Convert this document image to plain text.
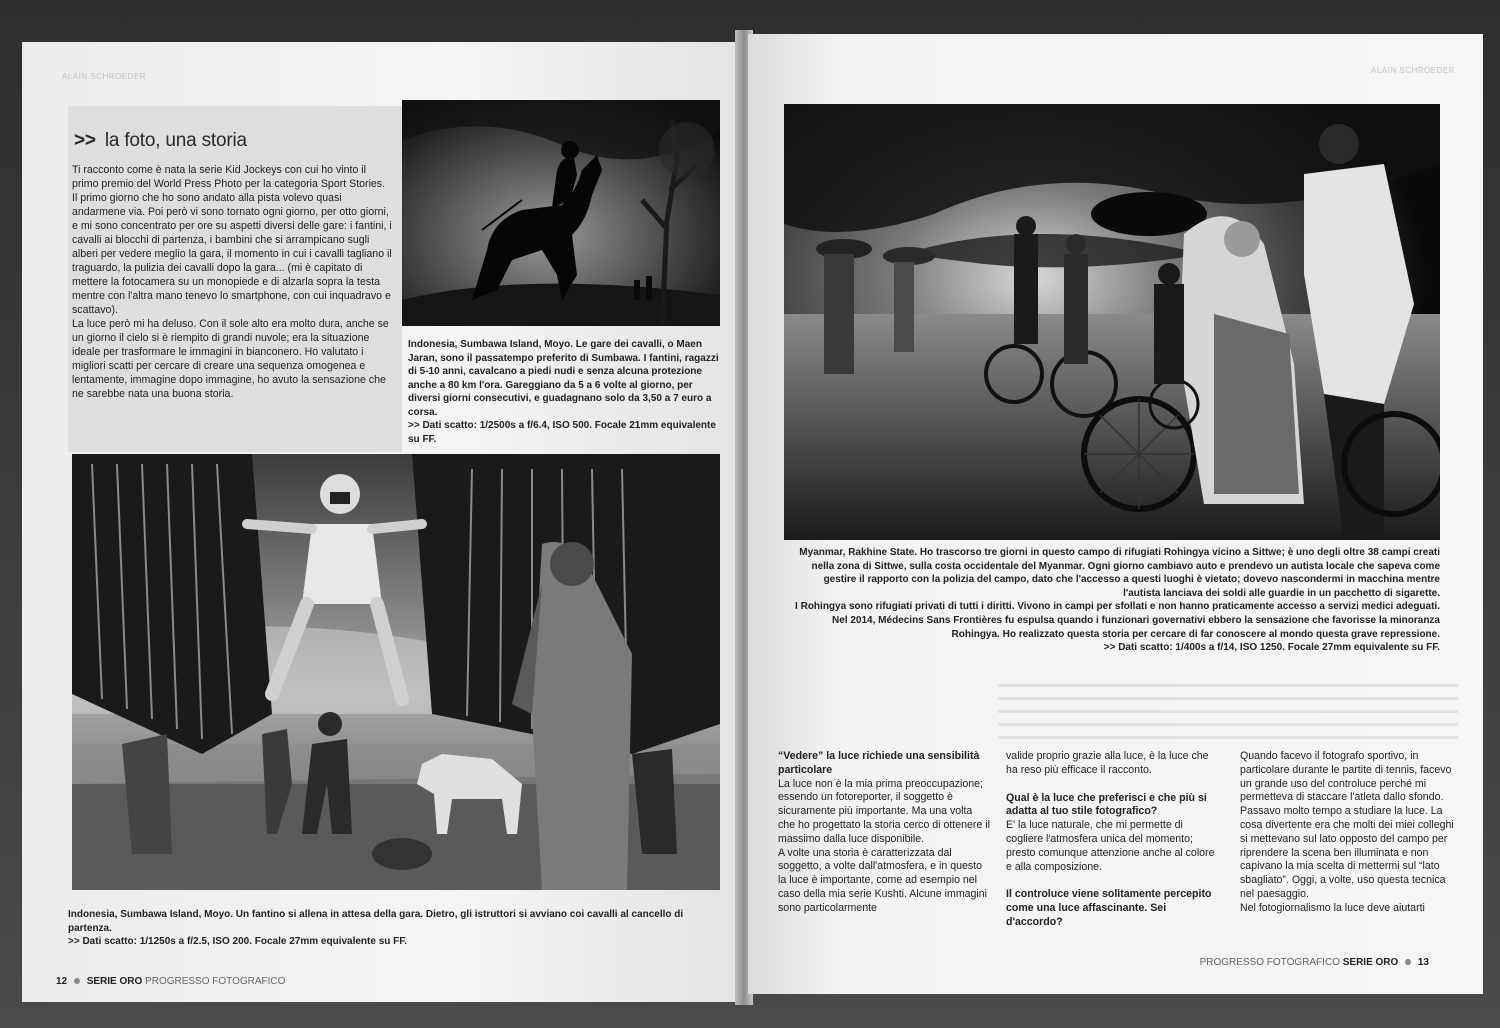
ALAIN SCHROEDER
>> la foto, una storia

Ti racconto come è nata la serie Kid Jockeys con cui ho vinto il primo premio del World Press Photo per la categoria Sport Stories.

Il primo giorno che ho sono andato alla pista volevo quasi andarmene via. Poi però vi sono tornato ogni giorno, per otto giorni, e mi sono concentrato per ore su aspetti diversi delle gare: i fantini, i cavalli ai blocchi di partenza, i bambini che si arrampicano sugli alberi per vedere meglio la gara, il momento in cui i cavalli tagliano il traguardo, la pulizia dei cavalli dopo la gara... (mi è capitato di mettere la fotocamera su un monopiede e di alzarla sopra la testa mentre con l'altra mano tenevo lo smartphone, con cui inquadravo e scattavo).

La luce però mi ha deluso. Con il sole alto era molto dura, anche se un giorno il cielo si è riempito di grandi nuvole; era la situazione ideale per trasformare le immagini in bianconero. Ho valutato i migliori scatti per cercare di creare una sequenza omogenea e lentamente, immagine dopo immagine, ho avuto la sensazione che ne sarebbe nata una buona storia.

Indonesia, Sumbawa Island, Moyo. Le gare dei cavalli, o Maen Jaran, sono il passatempo preferito di Sumbawa. I fantini, ragazzi di 5-10 anni, cavalcano a piedi nudi e senza alcuna protezione anche a 80 km l'ora. Gareggiano da 5 a 6 volte al giorno, per diversi giorni consecutivi, e guadagnano solo da 3,50 a 7 euro a corsa.

>> Dati scatto: 1/2500s a f/6.4, ISO 500. Focale 21mm equivalente su FF.

Indonesia, Sumbawa Island, Moyo. Un fantino si allena in attesa della gara. Dietro, gli istruttori si avviano coi cavalli al cancello di partenza.

>> Dati scatto: 1/1250s a f/2.5, ISO 200. Focale 27mm equivalente su FF.

12 SERIE ORO PROGRESSO FOTOGRAFICO
ALAIN SCHROEDER

Myanmar, Rakhine State. Ho trascorso tre giorni in questo campo di rifugiati Rohingya vicino a Sittwe; è uno degli oltre 38 campi creati nella zona di Sittwe, sulla costa occidentale del Myanmar. Ogni giorno cambiavo auto e prendevo un autista locale che sapeva come gestire il rapporto con la polizia del campo, dato che l'accesso a questi luoghi è vietato; dovevo nascondermi in macchina mentre l'autista lanciava dei soldi alle guardie in un pacchetto di sigarette.

I Rohingya sono rifugiati privati di tutti i diritti. Vivono in campi per sfollati e non hanno praticamente accesso a servizi medici adeguati. Nel 2014, Médecins Sans Frontières fu espulsa quando i funzionari governativi ebbero la sensazione che favorisse la minoranza Rohingya. Ho realizzato questa storia per cercare di far conoscere al mondo questa grave repressione.

>> Dati scatto: 1/400s a f/14, ISO 1250. Focale 27mm equivalente su FF.

“Vedere” la luce richiede una sensibilità particolare

La luce non è la mia prima preoccupazione; essendo un fotoreporter, il soggetto è sicuramente più importante. Ma una volta che ho progettato la storia cerco di ottenere il massimo dalla luce disponibile.

A volte una storia è caratterizzata dal soggetto, a volte dall'atmosfera, e in questo la luce è importante, come ad esempio nel caso della mia serie Kushti. Alcune immagini sono particolarmente

valide proprio grazie alla luce, è la luce che ha reso più efficace il racconto.

Qual è la luce che preferisci e che più si adatta al tuo stile fotografico?

E' la luce naturale, che mi permette di cogliere l'atmosfera unica del momento; presto comunque attenzione anche al colore e alla composizione.

Il controluce viene solitamente percepito come una luce affascinante. Sei d'accordo?

Quando facevo il fotografo sportivo, in particolare durante le partite di tennis, facevo un grande uso del controluce perché mi permetteva di staccare l'atleta dallo sfondo. Passavo molto tempo a studiare la luce. La cosa divertente era che molti dei miei colleghi si mettevano sul lato opposto del campo per riprendere la scena ben illuminata e non capivano la mia scelta di mettermi sul “lato sbagliato”. Oggi, a volte, uso questa tecnica nel paesaggio.

Nel fotogiornalismo la luce deve aiutarti

PROGRESSO FOTOGRAFICO SERIE ORO 13
